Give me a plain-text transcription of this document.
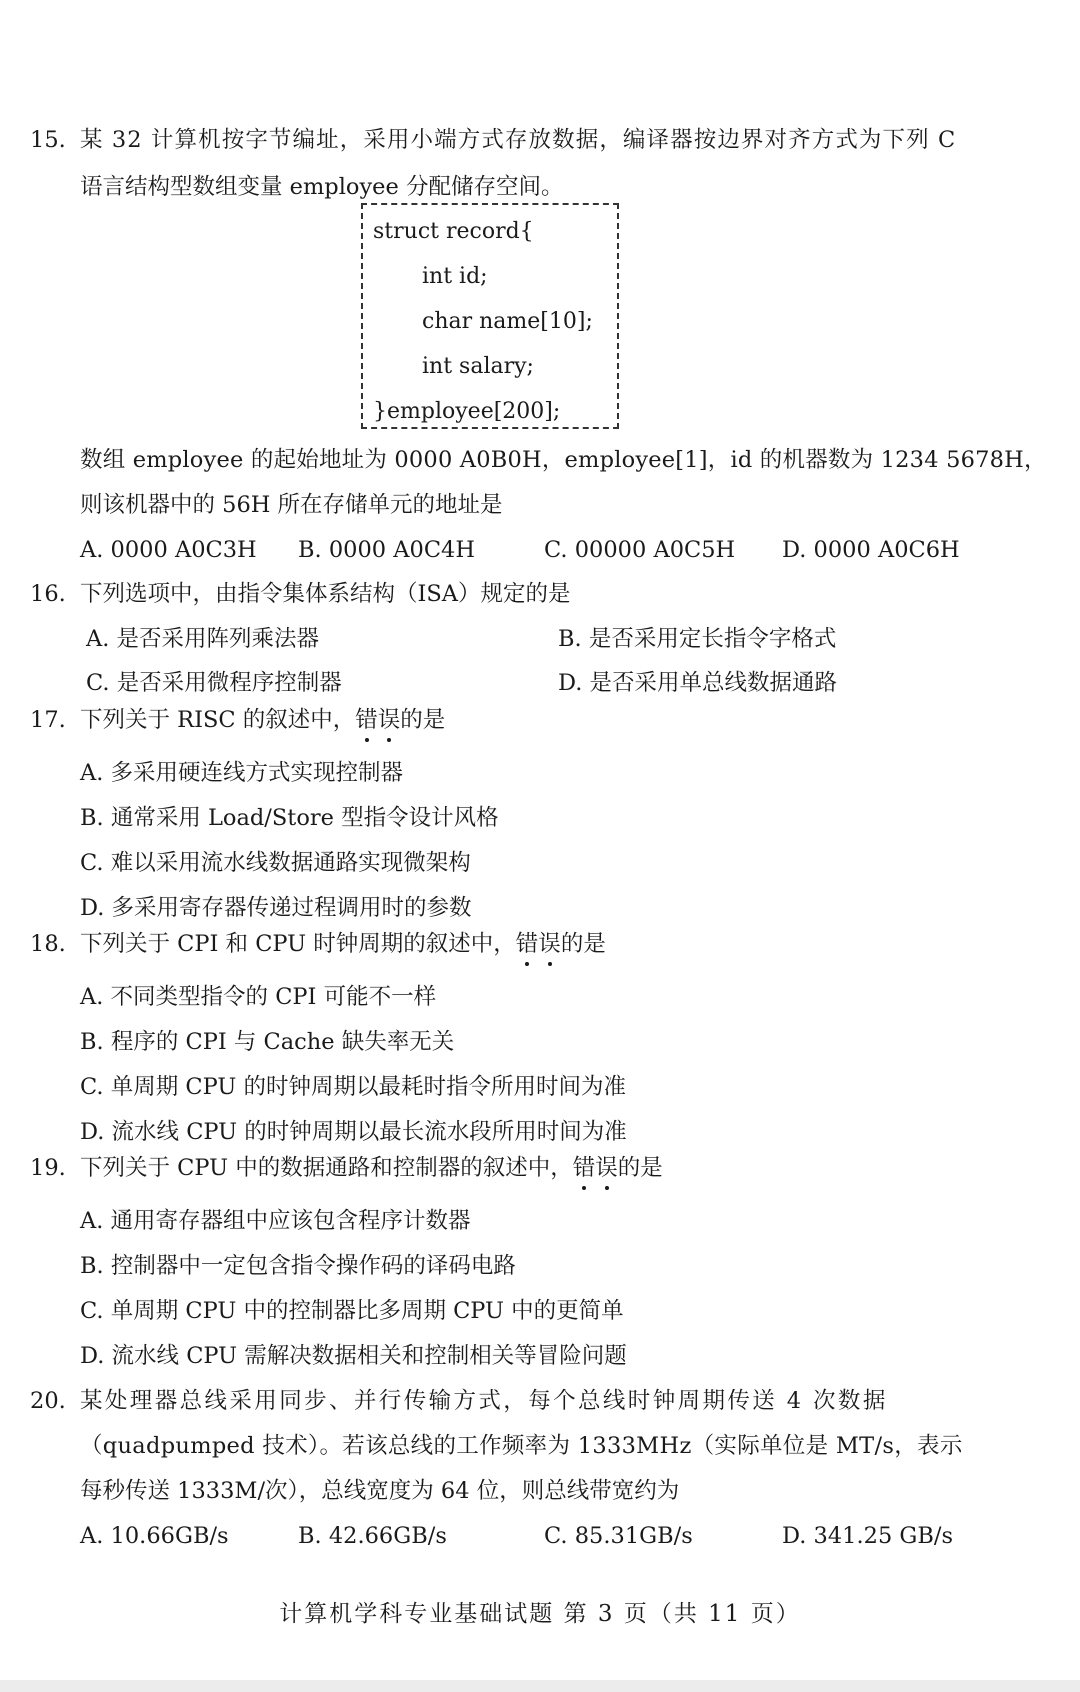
15. 某 32 计算机按字节编址，采用小端方式存放数据，编译器按边界对齐方式为下列 C
语言结构型数组变量 employee 分配储存空间。
struct record{
int id;
char name[10];
int salary;
}employee[200];
数组 employee 的起始地址为 0000 A0B0H，employee[1]，id 的机器数为 1234 5678H，
则该机器中的 56H 所在存储单元的地址是
A. 0000 A0C3H B. 0000 A0C4H	C. 00000 A0C5H D. 0000 A0C6H
16. 下列选项中，由指令集体系结构（ISA）规定的是
A. 是否采用阵列乘法器	B. 是否采用定长指令字格式
C. 是否采用微程序控制器	D. 是否采用单总线数据通路
17. 下列关于 RISC 的叙述中，错误的是
A. 多采用硬连线方式实现控制器
B. 通常采用 Load/Store 型指令设计风格
C. 难以采用流水线数据通路实现微架构
D. 多采用寄存器传递过程调用时的参数
18. 下列关于 CPI 和 CPU 时钟周期的叙述中，错误的是
A. 不同类型指令的 CPI 可能不一样
B. 程序的 CPI 与 Cache 缺失率无关
C. 单周期 CPU 的时钟周期以最耗时指令所用时间为准
D. 流水线 CPU 的时钟周期以最长流水段所用时间为准
19. 下列关于 CPU 中的数据通路和控制器的叙述中，错误的是
A. 通用寄存器组中应该包含程序计数器
B. 控制器中一定包含指令操作码的译码电路
C. 单周期 CPU 中的控制器比多周期 CPU 中的更简单
D. 流水线 CPU 需解决数据相关和控制相关等冒险问题
20. 某处理器总线采用同步、并行传输方式，每个总线时钟周期传送 4 次数据
（quadpumped 技术）。若该总线的工作频率为 1333MHz（实际单位是 MT/s，表示
每秒传送 1333M/次），总线宽度为 64 位，则总线带宽约为
A. 10.66GB/s	B. 42.66GB/s	C. 85.31GB/s	D. 341.25 GB/s
计算机学科专业基础试题 第 3 页（共 11 页）
